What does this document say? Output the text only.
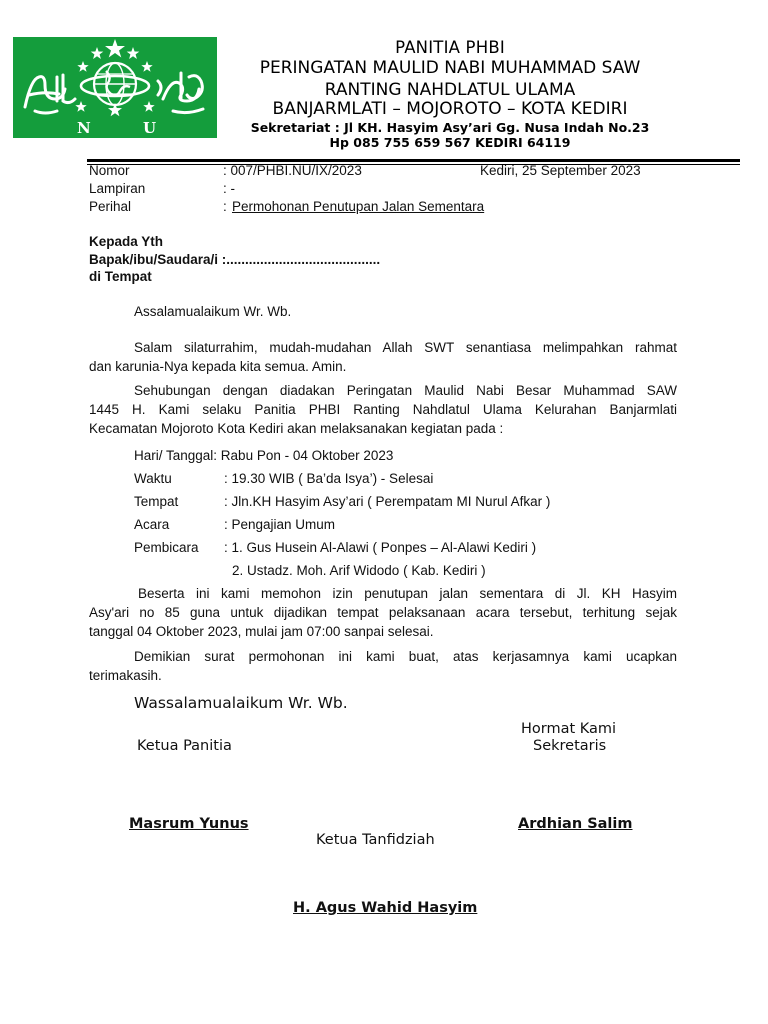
N	U
PANITIA PHBI
PERINGATAN MAULID NABI MUHAMMAD SAW
RANTING NAHDLATUL ULAMA
BANJARMLATI – MOJOROTO – KOTA KEDIRI
Sekretariat : Jl KH. Hasyim Asy’ari Gg. Nusa Indah No.23
Hp 085 755 659 567 KEDIRI 64119
Nomor	: 007/PHBI.NU/IX/2023	Kediri, 25 September 2023
Lampiran	: -
Perihal	: Permohonan Penutupan Jalan Sementara
Kepada Yth
Bapak/ibu/Saudara/i :.........................................
di Tempat
Assalamualaikum Wr. Wb.
Salam silaturrahim, mudah-mudahan Allah SWT senantiasa melimpahkan rahmat
dan karunia-Nya kepada kita semua. Amin.
Sehubungan dengan diadakan Peringatan Maulid Nabi Besar Muhammad SAW
1445 H. Kami selaku Panitia PHBI Ranting Nahdlatul Ulama Kelurahan Banjarmlati
Kecamatan Mojoroto Kota Kediri akan melaksanakan kegiatan pada :
Hari/ Tanggal: Rabu Pon - 04 Oktober 2023
Waktu	: 19.30 WIB ( Ba’da Isya’) - Selesai
Tempat	: Jln.KH Hasyim Asy’ari ( Perempatam MI Nurul Afkar )
Acara	: Pengajian Umum
Pembicara : 1. Gus Husein Al-Alawi ( Ponpes – Al-Alawi Kediri )
2. Ustadz. Moh. Arif Widodo ( Kab. Kediri )
Beserta ini kami memohon izin penutupan jalan sementara di Jl. KH Hasyim
Asy'ari no 85 guna untuk dijadikan tempat pelaksanaan acara tersebut, terhitung sejak
tanggal 04 Oktober 2023, mulai jam 07:00 sanpai selesai.
Demikian surat permohonan ini kami buat, atas kerjasamnya kami ucapkan
terimakasih.
Wassalamualaikum Wr. Wb.
Hormat Kami
Ketua Panitia	Sekretaris
Masrum Yunus	Ardhian Salim
Ketua Tanfidziah
H. Agus Wahid Hasyim
